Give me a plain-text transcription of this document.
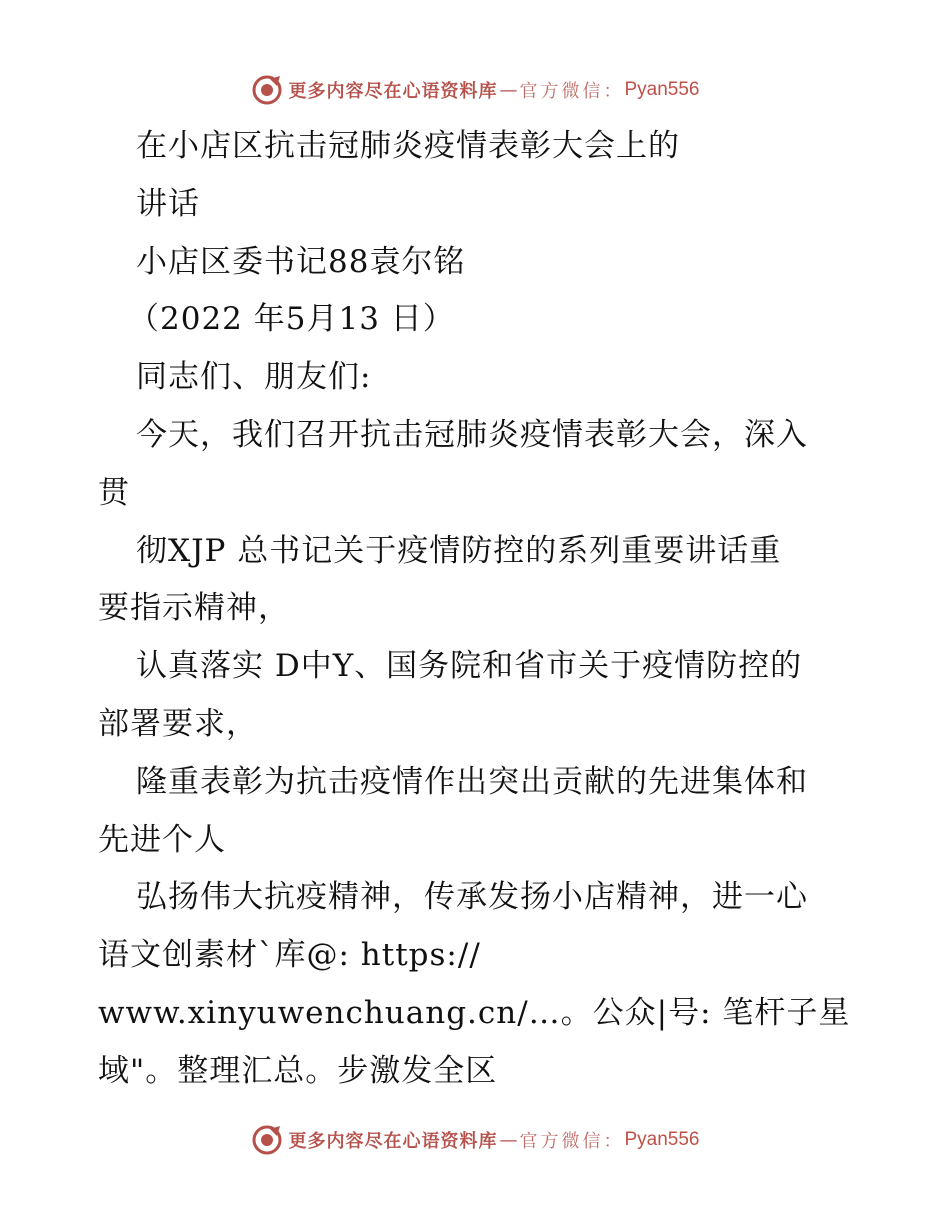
更多内容尽在心语资料库 — 官方微信： Pyan556
在小店区抗击冠肺炎疫情表彰大会上的
讲话
小店区委书记88袁尔铭
（2022 年5月13 日）
同志们、朋友们:
今天，我们召开抗击冠肺炎疫情表彰大会，深入
贯
彻XJP 总书记关于疫情防控的系列重要讲话重
要指示精神，
认真落实 D中Y、国务院和省市关于疫情防控的
部署要求，
隆重表彰为抗击疫情作出突出贡献的先进集体和
先进个人
弘扬伟大抗疫精神，传承发扬小店精神，进一心
语文创素材`库@: https://
www.xinyuwenchuang.cn/…。公众|号: 笔杆子星
域"。整理汇总。步激发全区
更多内容尽在心语资料库 — 官方微信： Pyan556
